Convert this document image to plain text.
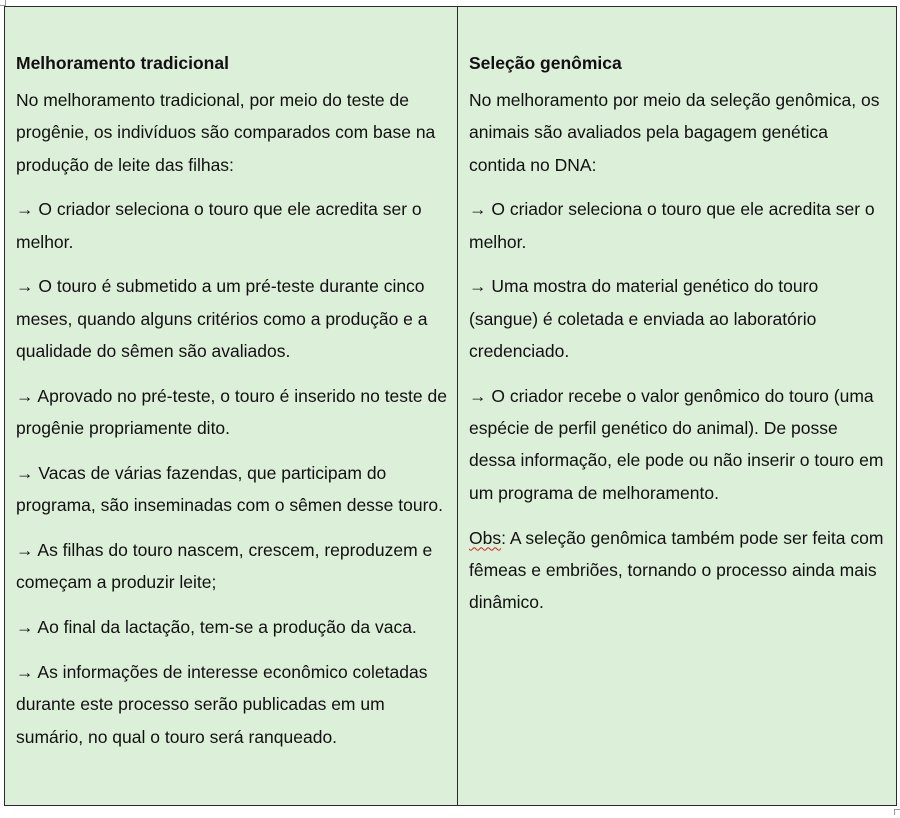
Melhoramento tradicional

No melhoramento tradicional, por meio do teste de progênie, os indivíduos são comparados com base na produção de leite das filhas:

→ O criador seleciona o touro que ele acredita ser o melhor.

→ O touro é submetido a um pré-teste durante cinco meses, quando alguns critérios como a produção e a qualidade do sêmen são avaliados.

→ Aprovado no pré-teste, o touro é inserido no teste de progênie propriamente dito.

→ Vacas de várias fazendas, que participam do programa, são inseminadas com o sêmen desse touro.

→ As filhas do touro nascem, crescem, reproduzem e começam a produzir leite;

→ Ao final da lactação, tem-se a produção da vaca.

→ As informações de interesse econômico coletadas durante este processo serão publicadas em um sumário, no qual o touro será ranqueado.

Seleção genômica

No melhoramento por meio da seleção genômica, os animais são avaliados pela bagagem genética contida no DNA:

→ O criador seleciona o touro que ele acredita ser o melhor.

→ Uma mostra do material genético do touro (sangue) é coletada e enviada ao laboratório credenciado.

→ O criador recebe o valor genômico do touro (uma espécie de perfil genético do animal). De posse dessa informação, ele pode ou não inserir o touro em um programa de melhoramento.

Obs: A seleção genômica também pode ser feita com fêmeas e embriões, tornando o processo ainda mais dinâmico.
